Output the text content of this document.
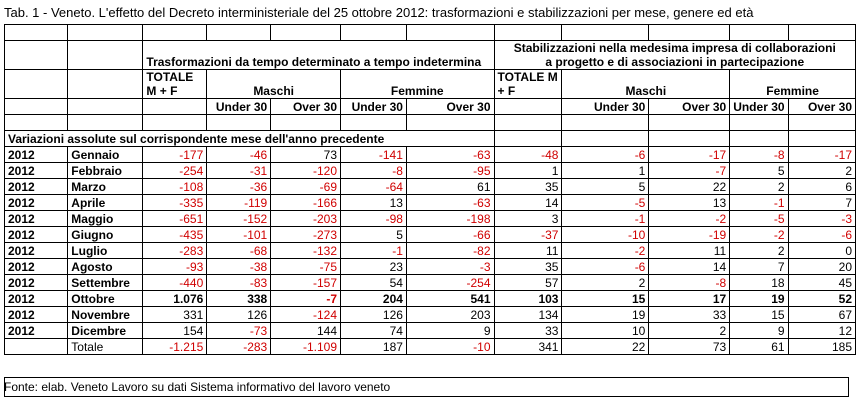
Tab. 1 - Veneto. L'effetto del Decreto interministeriale del 25 ottobre 2012: trasformazioni e stabilizzazioni per mese, genere ed età

		Trasformazioni da tempo determinato a tempo indetermina					Stabilizzazioni nella medesima impresa di collaborazioni
a progetto e di associazioni in partecipazione				
		TOTALE
M + F	Maschi		Femmine		TOTALE M
+ F	Maschi		Femmine	
			Under 30	Over 30	Under 30	Over 30		Under 30	Over 30	Under 30	Over 30

Variazioni assolute sul corrispondente mese dell'anno precedente											
2012	Gennaio	-177	-46	73	-141	-63	-48	-6	-17	-8	-17
2012	Febbraio	-254	-31	-120	-8	-95	1	1	-7	5	2
2012	Marzo	-108	-36	-69	-64	61	35	5	22	2	6
2012	Aprile	-335	-119	-166	13	-63	14	-5	13	-1	7
2012	Maggio	-651	-152	-203	-98	-198	3	-1	-2	-5	-3
2012	Giugno	-435	-101	-273	5	-66	-37	-10	-19	-2	-6
2012	Luglio	-283	-68	-132	-1	-82	11	-2	11	2	0
2012	Agosto	-93	-38	-75	23	-3	35	-6	14	7	20
2012	Settembre	-440	-83	-157	54	-254	57	2	-8	18	45
2012	Ottobre	1.076	338	-7	204	541	103	15	17	19	52
2012	Novembre	331	126	-124	126	203	134	19	33	15	67
2012	Dicembre	154	-73	144	74	9	33	10	2	9	12
	Totale	-1.215	-283	-1.109	187	-10	341	22	73	61	185
Fonte: elab. Veneto Lavoro su dati Sistema informativo del lavoro veneto
